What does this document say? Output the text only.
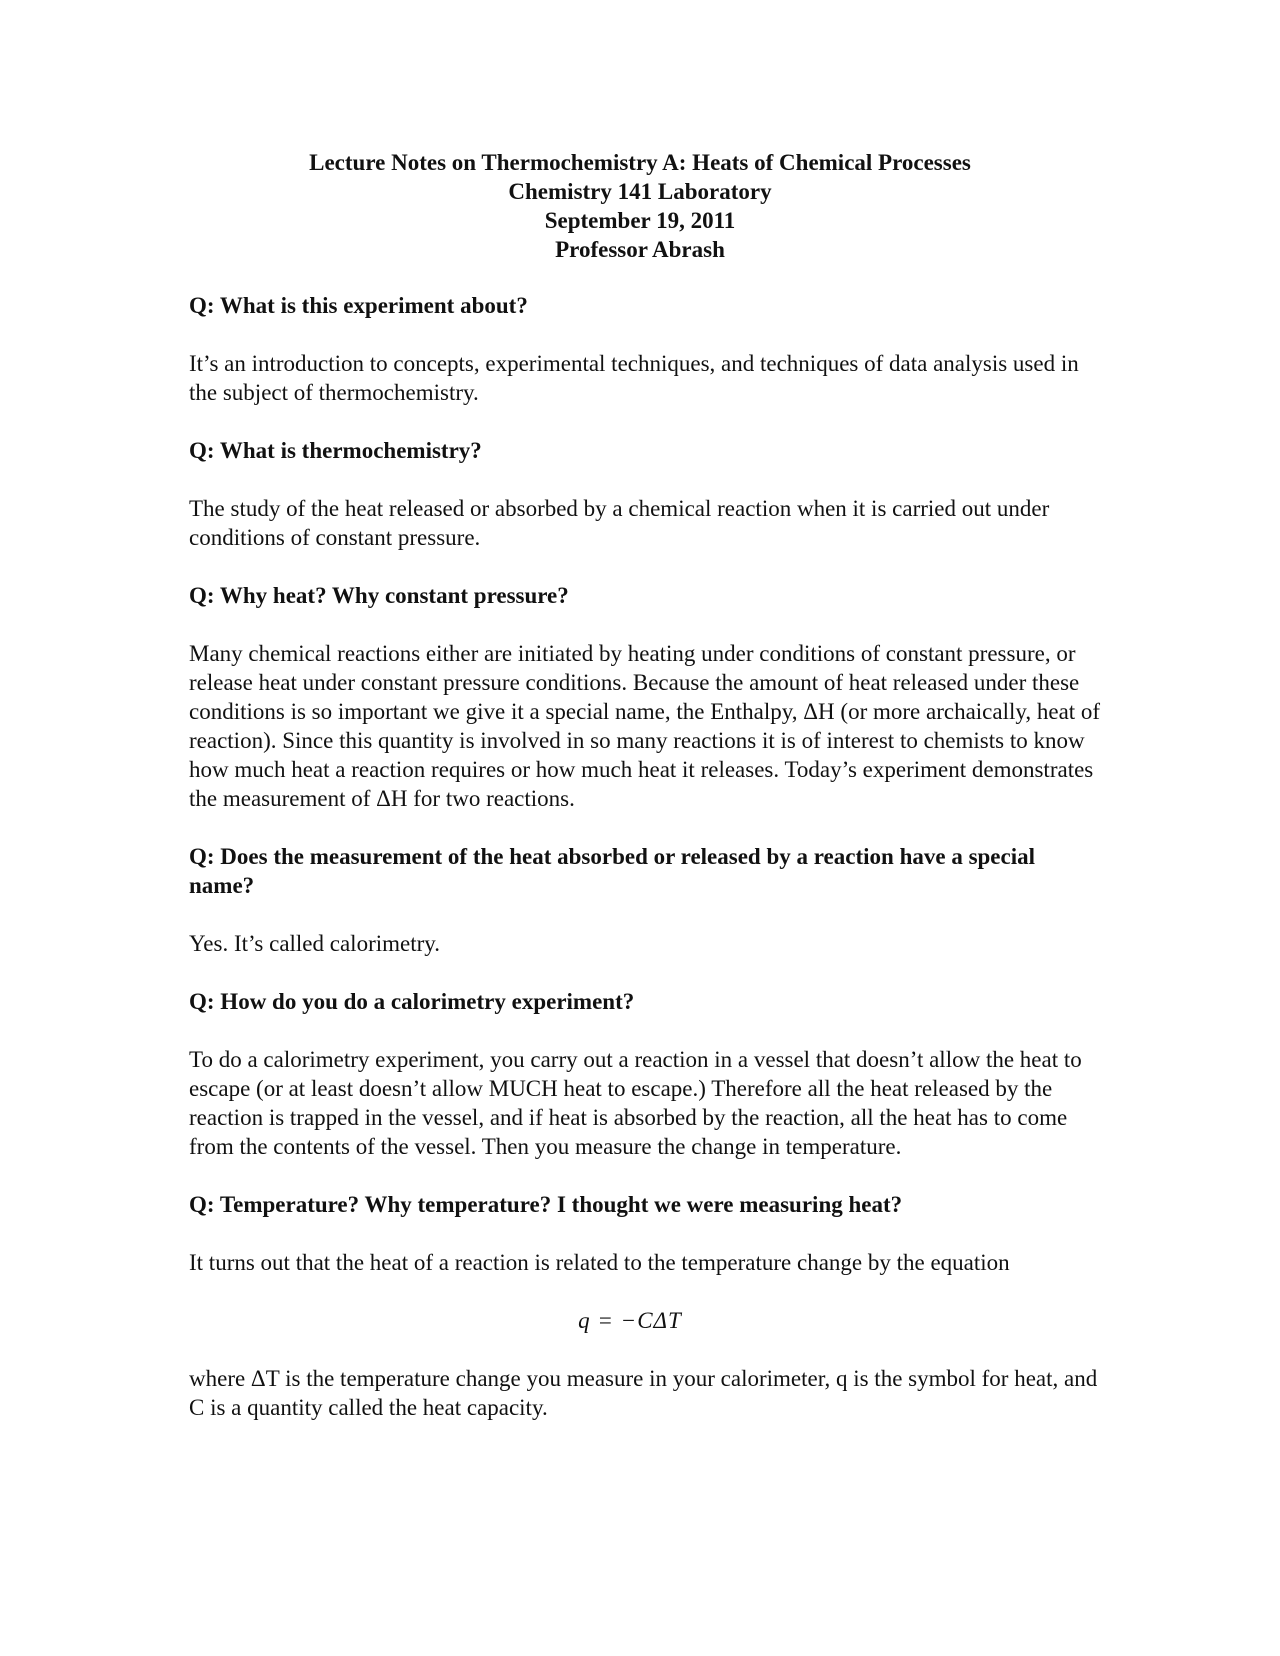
Lecture Notes on Thermochemistry A: Heats of Chemical Processes
Chemistry 141 Laboratory
September 19, 2011
Professor Abrash
Q: What is this experiment about?
It’s an introduction to concepts, experimental techniques, and techniques of data analysis used in the subject of thermochemistry.
Q: What is thermochemistry?
The study of the heat released or absorbed by a chemical reaction when it is carried out under conditions of constant pressure.
Q: Why heat? Why constant pressure?
Many chemical reactions either are initiated by heating under conditions of constant pressure, or release heat under constant pressure conditions. Because the amount of heat released under these conditions is so important we give it a special name, the Enthalpy, ΔH (or more archaically, heat of reaction). Since this quantity is involved in so many reactions it is of interest to chemists to know how much heat a reaction requires or how much heat it releases. Today’s experiment demonstrates the measurement of ΔH for two reactions.
Q: Does the measurement of the heat absorbed or released by a reaction have a special name?
Yes. It’s called calorimetry.
Q: How do you do a calorimetry experiment?
To do a calorimetry experiment, you carry out a reaction in a vessel that doesn’t allow the heat to escape (or at least doesn’t allow MUCH heat to escape.) Therefore all the heat released by the reaction is trapped in the vessel, and if heat is absorbed by the reaction, all the heat has to come from the contents of the vessel. Then you measure the change in temperature.
Q: Temperature? Why temperature? I thought we were measuring heat?
It turns out that the heat of a reaction is related to the temperature change by the equation
q = −CΔT
where ΔT is the temperature change you measure in your calorimeter, q is the symbol for heat, and C is a quantity called the heat capacity.
